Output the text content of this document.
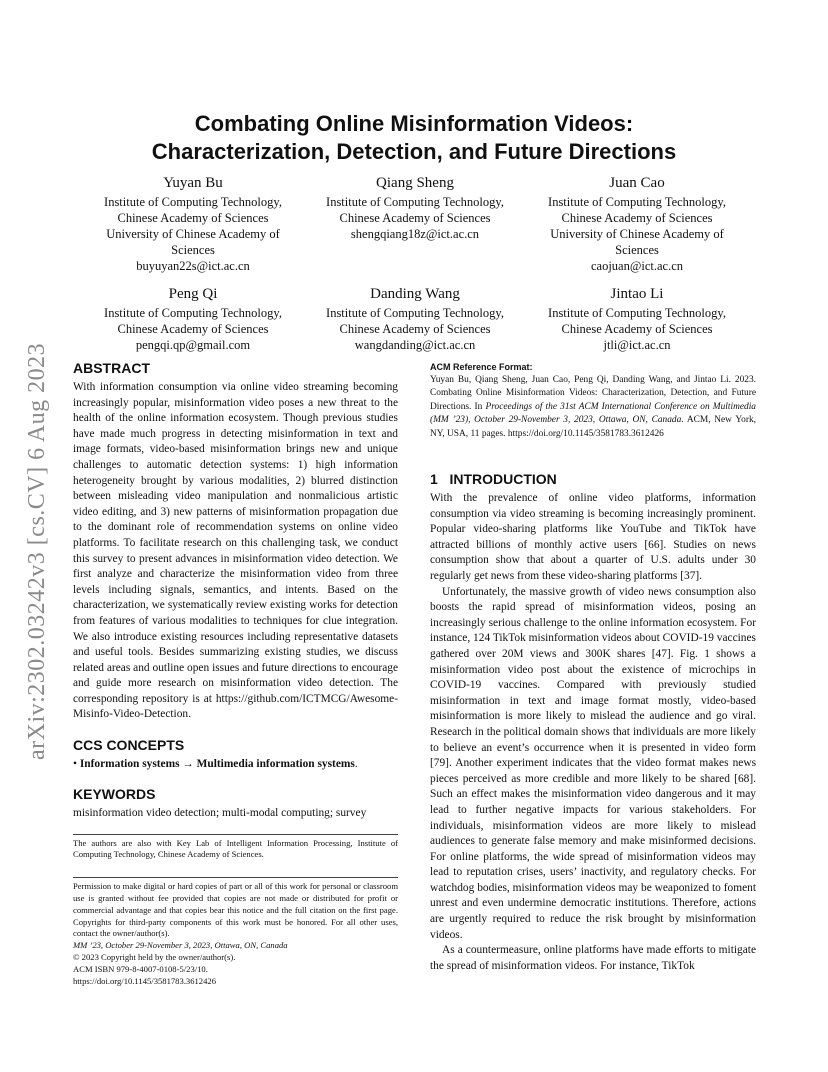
arXiv:2302.03242v3 [cs.CV] 6 Aug 2023
Combating Online Misinformation Videos:
Characterization, Detection, and Future Directions
Yuyan Bu
Institute of Computing Technology,
Chinese Academy of Sciences
University of Chinese Academy of
Sciences
buyuyan22s@ict.ac.cn
Qiang Sheng
Institute of Computing Technology,
Chinese Academy of Sciences
shengqiang18z@ict.ac.cn
Juan Cao
Institute of Computing Technology,
Chinese Academy of Sciences
University of Chinese Academy of
Sciences
caojuan@ict.ac.cn
Peng Qi
Institute of Computing Technology,
Chinese Academy of Sciences
pengqi.qp@gmail.com
Danding Wang
Institute of Computing Technology,
Chinese Academy of Sciences
wangdanding@ict.ac.cn
Jintao Li
Institute of Computing Technology,
Chinese Academy of Sciences
jtli@ict.ac.cn
ABSTRACT

With information consumption via online video streaming becoming increasingly popular, misinformation video poses a new threat to the health of the online information ecosystem. Though previous studies have made much progress in detecting misinformation in text and image formats, video-based misinformation brings new and unique challenges to automatic detection systems: 1) high information heterogeneity brought by various modalities, 2) blurred distinction between misleading video manipulation and nonmalicious artistic video editing, and 3) new patterns of misinformation propagation due to the dominant role of recommendation systems on online video platforms. To facilitate research on this challenging task, we conduct this survey to present advances in misinformation video detection. We first analyze and characterize the misinformation video from three levels including signals, semantics, and intents. Based on the characterization, we systematically review existing works for detection from features of various modalities to techniques for clue integration. We also introduce existing resources including representative datasets and useful tools. Besides summarizing existing studies, we discuss related areas and outline open issues and future directions to encourage and guide more research on misinformation video detection. The corresponding repository is at https://github.com/ICTMCG/Awesome-Misinfo-Video-Detection.

CCS CONCEPTS

• Information systems → Multimedia information systems.

KEYWORDS

misinformation video detection; multi-modal computing; survey

The authors are also with Key Lab of Intelligent Information Processing, Institute of Computing Technology, Chinese Academy of Sciences.

Permission to make digital or hard copies of part or all of this work for personal or classroom use is granted without fee provided that copies are not made or distributed for profit or commercial advantage and that copies bear this notice and the full citation on the first page. Copyrights for third-party components of this work must be honored. For all other uses, contact the owner/author(s).

MM ’23, October 29-November 3, 2023, Ottawa, ON, Canada

© 2023 Copyright held by the owner/author(s).

ACM ISBN 979-8-4007-0108-5/23/10.

https://doi.org/10.1145/3581783.3612426

ACM Reference Format:

Yuyan Bu, Qiang Sheng, Juan Cao, Peng Qi, Danding Wang, and Jintao Li. 2023. Combating Online Misinformation Videos: Characterization, Detection, and Future Directions. In Proceedings of the 31st ACM International Conference on Multimedia (MM ’23), October 29-November 3, 2023, Ottawa, ON, Canada. ACM, New York, NY, USA, 11 pages. https://doi.org/10.1145/3581783.3612426

1   INTRODUCTION

With the prevalence of online video platforms, information consumption via video streaming is becoming increasingly prominent. Popular video-sharing platforms like YouTube and TikTok have attracted billions of monthly active users [66]. Studies on news consumption show that about a quarter of U.S. adults under 30 regularly get news from these video-sharing platforms [37].

Unfortunately, the massive growth of video news consumption also boosts the rapid spread of misinformation videos, posing an increasingly serious challenge to the online information ecosystem. For instance, 124 TikTok misinformation videos about COVID-19 vaccines gathered over 20M views and 300K shares [47]. Fig. 1 shows a misinformation video post about the existence of microchips in COVID-19 vaccines. Compared with previously studied misinformation in text and image format mostly, video-based misinformation is more likely to mislead the audience and go viral. Research in the political domain shows that individuals are more likely to believe an event’s occurrence when it is presented in video form [79]. Another experiment indicates that the video format makes news pieces perceived as more credible and more likely to be shared [68]. Such an effect makes the misinformation video dangerous and it may lead to further negative impacts for various stakeholders. For individuals, misinformation videos are more likely to mislead audiences to generate false memory and make misinformed decisions. For online platforms, the wide spread of misinformation videos may lead to reputation crises, users’ inactivity, and regulatory checks. For watchdog bodies, misinformation videos may be weaponized to foment unrest and even undermine democratic institutions. Therefore, actions are urgently required to reduce the risk brought by misinformation videos.

As a countermeasure, online platforms have made efforts to mitigate the spread of misinformation videos. For instance, TikTok
